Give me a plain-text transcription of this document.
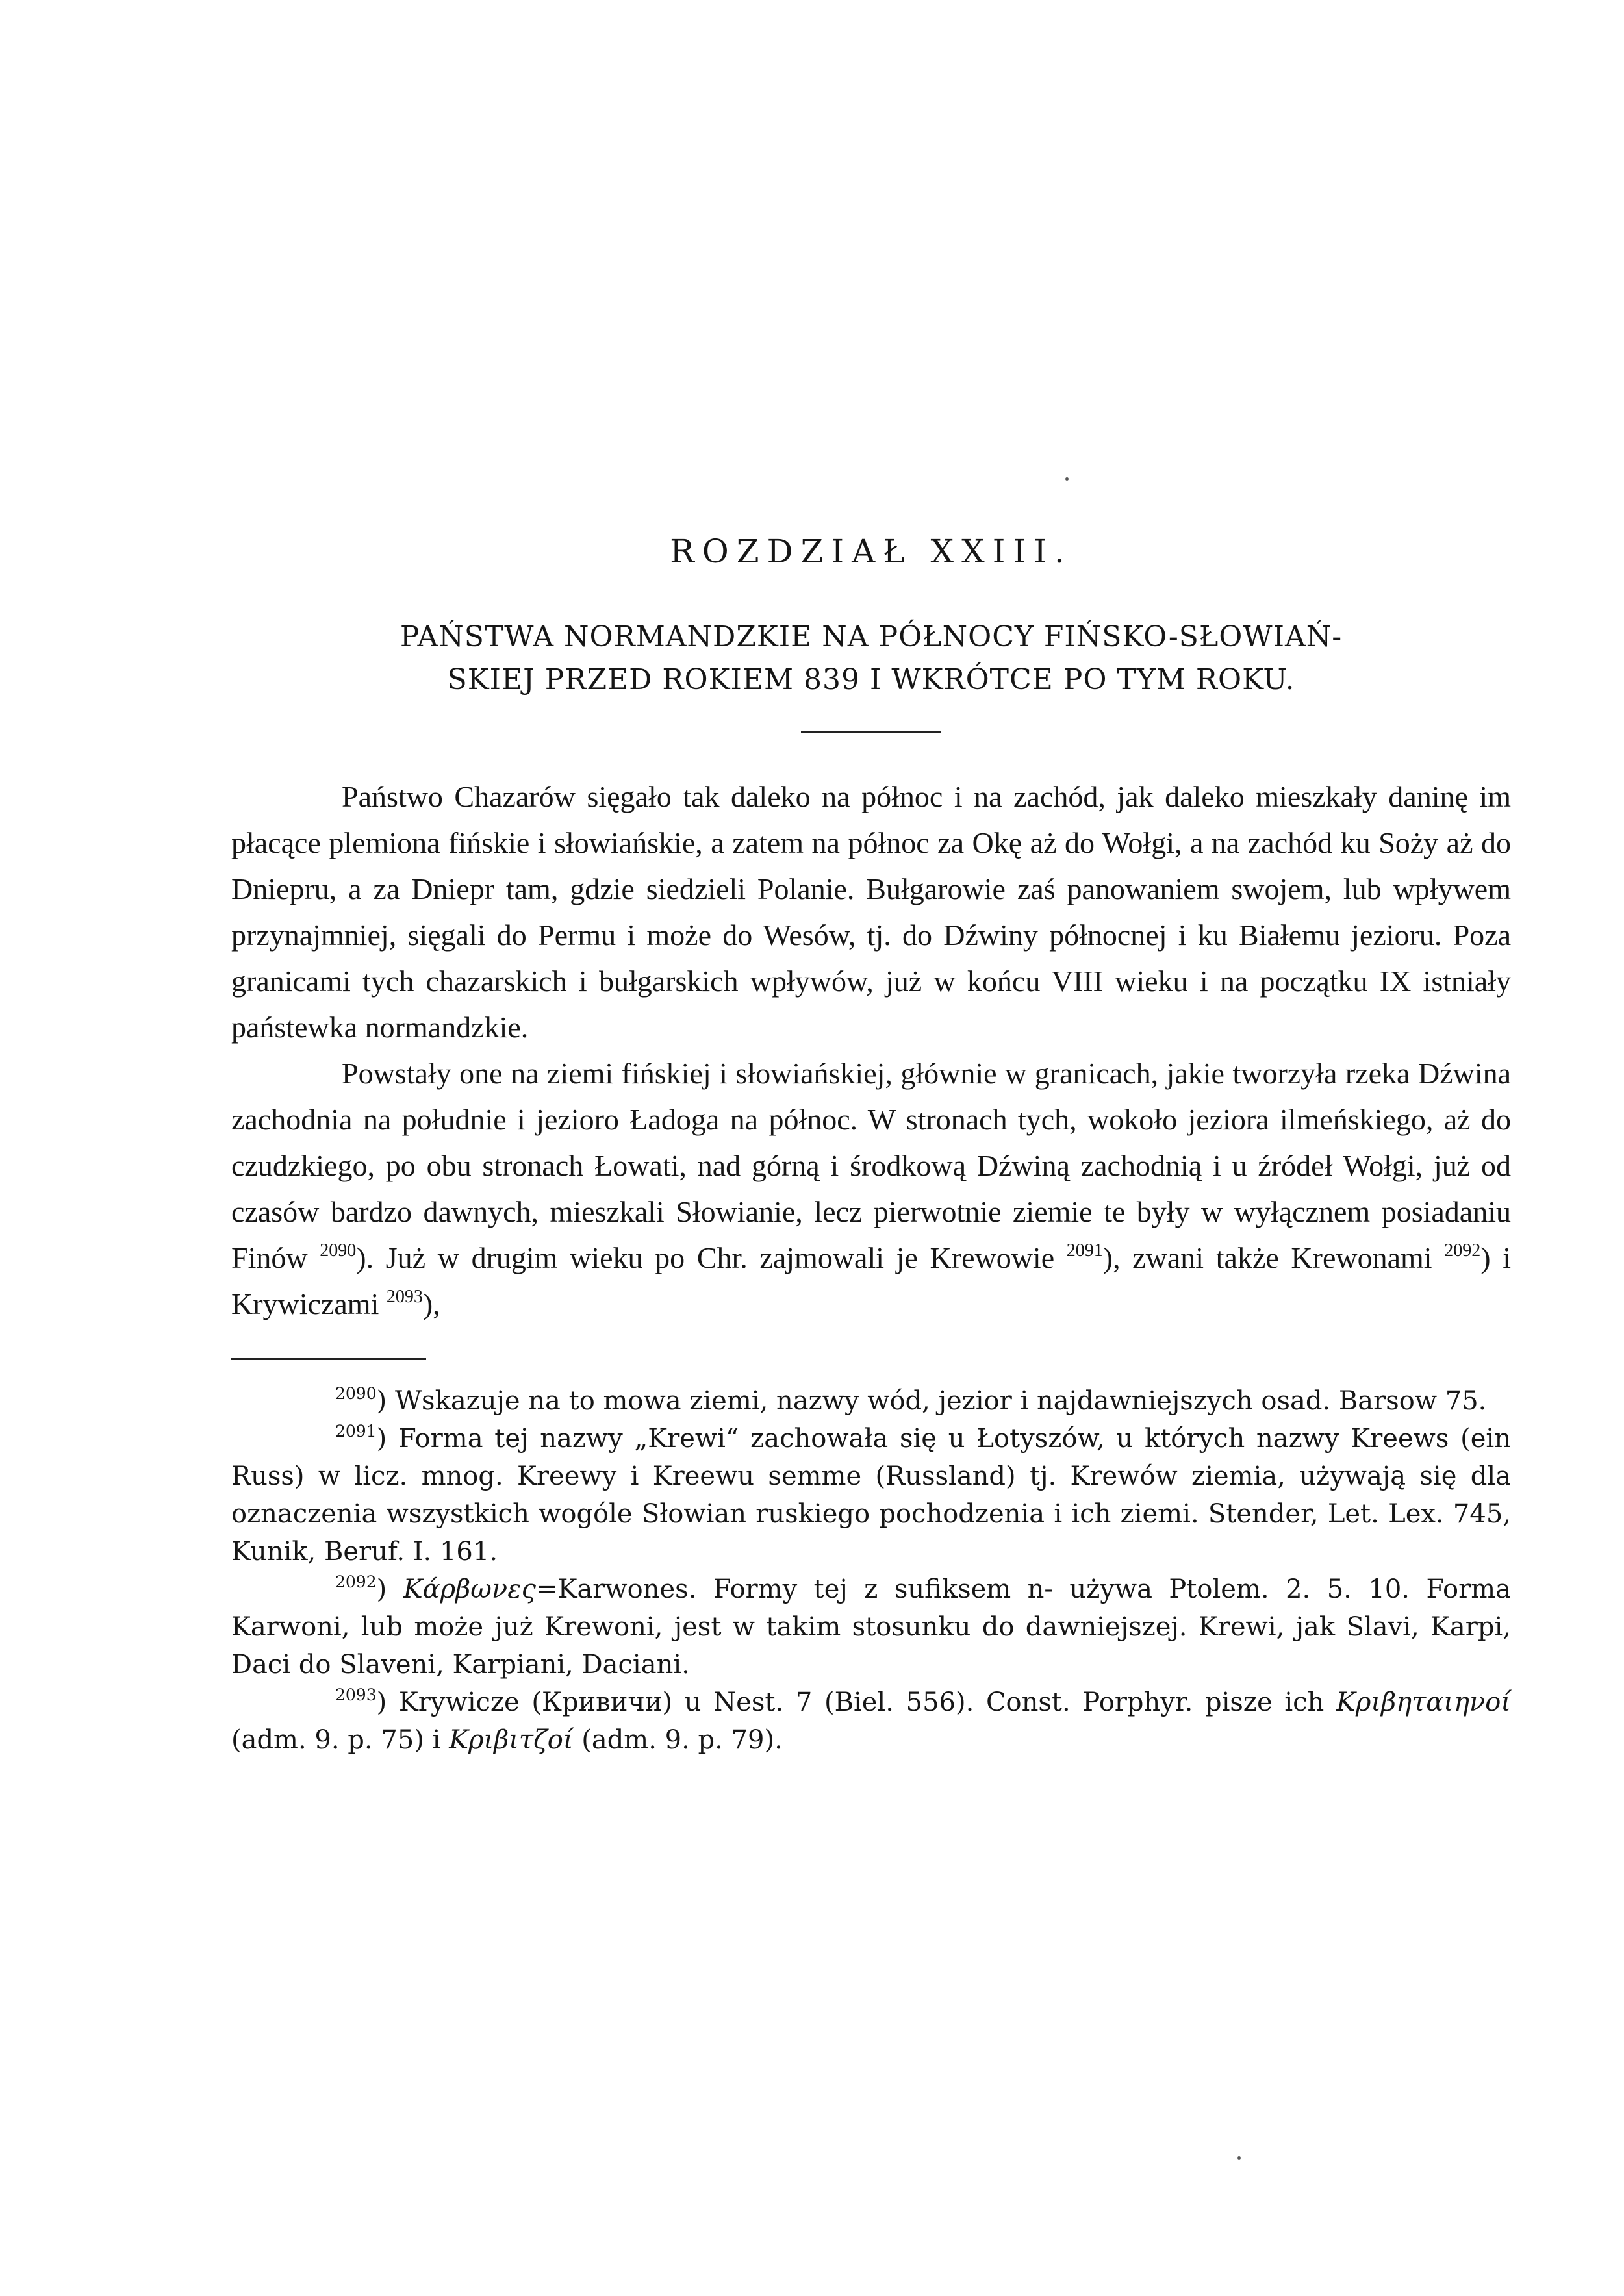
ROZDZIAŁ XXIII.
PAŃSTWA NORMANDZKIE NA PÓŁNOCY FIŃSKO-SŁOWIAŃ-
SKIEJ PRZED ROKIEM 839 I WKRÓTCE PO TYM ROKU.

Państwo Chazarów sięgało tak daleko na północ i na zachód, jak daleko mieszkały daninę im płacące plemiona fińskie i słowiańskie, a zatem na północ za Okę aż do Wołgi, a na zachód ku Soży aż do Dniepru, a za Dniepr tam, gdzie siedzieli Polanie. Bułgarowie zaś panowaniem swojem, lub wpływem przynajmniej, sięgali do Permu i może do Wesów, tj. do Dźwiny północnej i ku Białemu jezioru. Poza granicami tych chazarskich i bułgarskich wpływów, już w końcu VIII wieku i na początku IX istniały państewka normandzkie.

Powstały one na ziemi fińskiej i słowiańskiej, głównie w granicach, jakie tworzyła rzeka Dźwina zachodnia na południe i jezioro Ładoga na północ. W stronach tych, wokoło jeziora ilmeńskiego, aż do czudzkiego, po obu stronach Łowati, nad górną i środkową Dźwiną zachodnią i u źródeł Wołgi, już od czasów bardzo dawnych, mieszkali Słowianie, lecz pierwotnie ziemie te były w wyłącznem posiadaniu Finów $^{2090}$). Już w drugim wieku po Chr. zajmowali je Krewowie $^{2091}$), zwani także Krewonami $^{2092}$) i Krywiczami $^{2093}$),

$^{2090}$) Wskazuje na to mowa ziemi, nazwy wód, jezior i najdawniejszych osad. Barsow 75.

$^{2091}$) Forma tej nazwy „Krewi“ zachowała się u Łotyszów, u których nazwy Kreews (ein Russ) w licz. mnog. Kreewy i Kreewu semme (Russland) tj. Krewów ziemia, używają się dla oznaczenia wszystkich wogóle Słowian ruskiego pochodzenia i ich ziemi. Stender, Let. Lex. 745, Kunik, Beruf. I. 161.

$^{2092}$) Κάρβωνες=Karwones. Formy tej z sufiksem n- używa Ptolem. 2. 5. 10. Forma Karwoni, lub może już Krewoni, jest w takim stosunku do dawniejszej. Krewi, jak Slavi, Karpi, Daci do Slaveni, Karpiani, Daciani.

$^{2093}$) Krywicze (Кривичи) u Nest. 7 (Biel. 556). Const. Porphyr. pisze ich Κριβηταιηνοί (adm. 9. p. 75) i Κριβιτζοί (adm. 9. p. 79).
